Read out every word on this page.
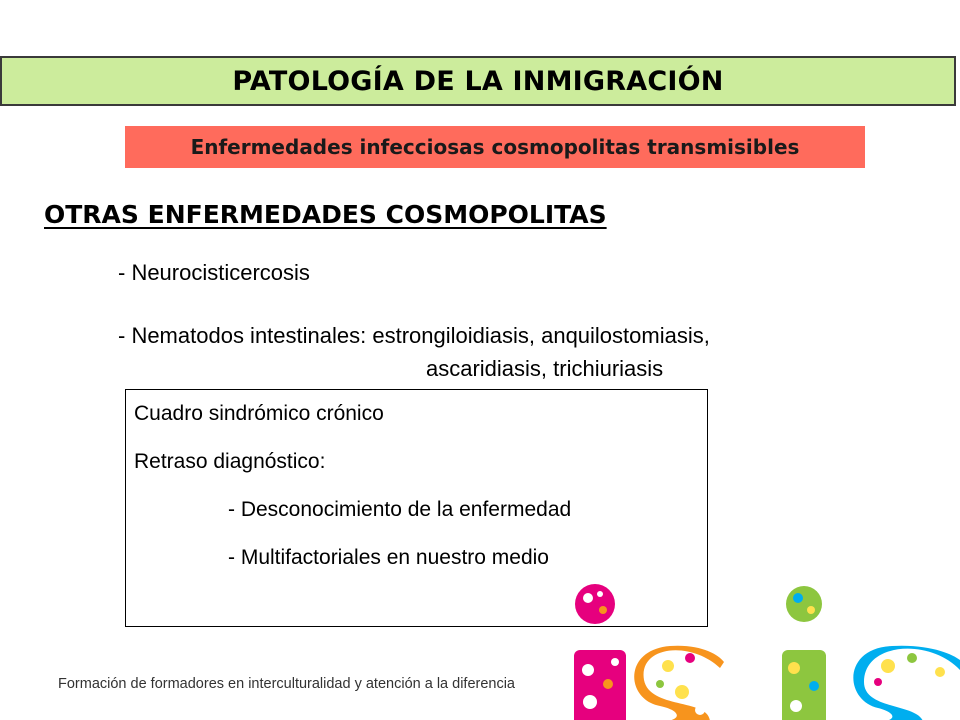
PATOLOGÍA DE LA INMIGRACIÓN
Enfermedades infecciosas cosmopolitas transmisibles
OTRAS ENFERMEDADES COSMOPOLITAS
- Neurocisticercosis
- Nematodos intestinales: estrongiloidiasis, anquilostomiasis,
ascaridiasis, trichiuriasis
Cuadro sindrómico crónico
Retraso diagnóstico:
- Desconocimiento de la enfermedad
- Multifactoriales en nuestro medio
Formación de formadores en interculturalidad y atención a la diferencia
